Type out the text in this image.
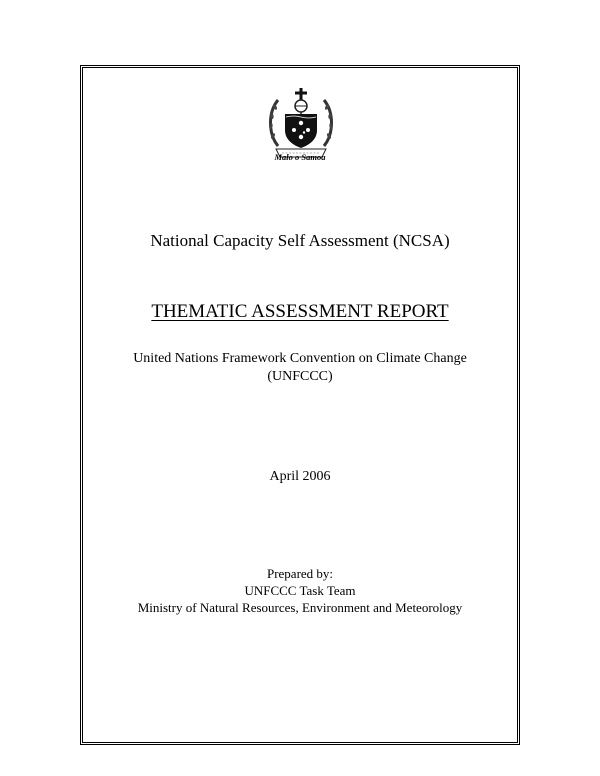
Malo o Samoa
National Capacity Self Assessment (NCSA)
THEMATIC ASSESSMENT REPORT
United Nations Framework Convention on Climate Change
(UNFCCC)
April 2006
Prepared by:
UNFCCC Task Team
Ministry of Natural Resources, Environment and Meteorology
